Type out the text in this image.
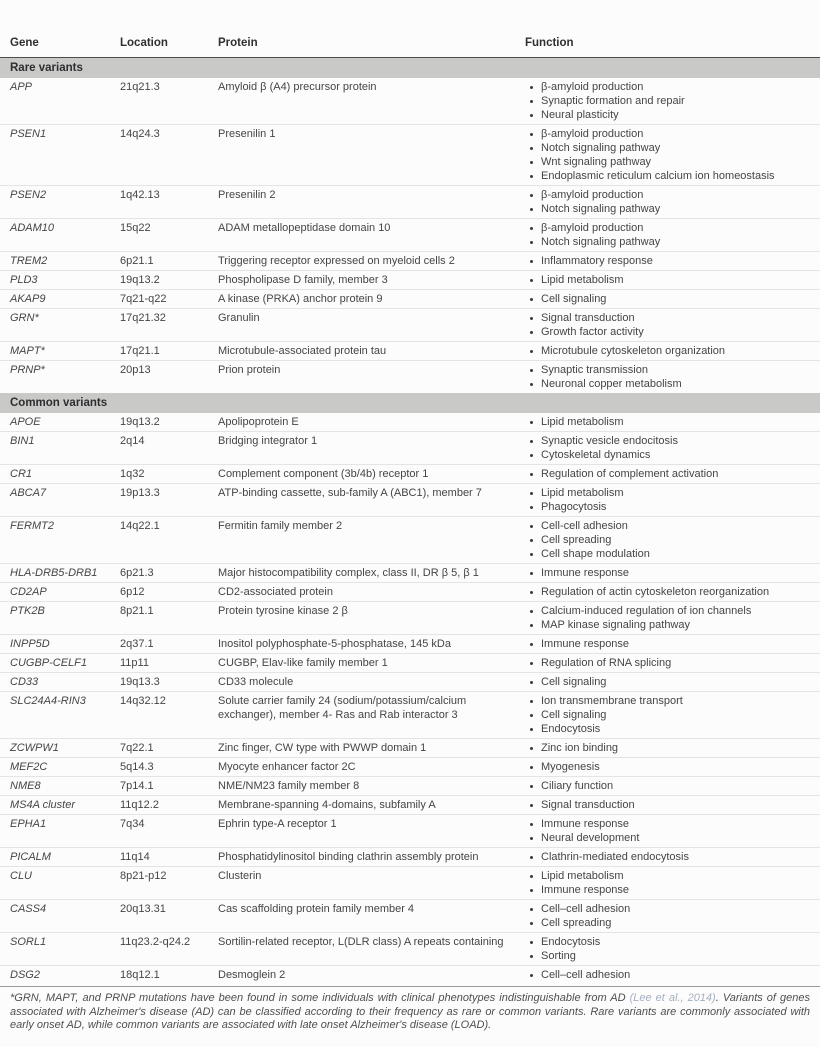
Gene	Location	Protein	Function
Rare variants
APP	21q21.3	Amyloid β (A4) precursor protein	β-amyloid production
Synaptic formation and repair
Neural plasticity
PSEN1	14q24.3	Presenilin 1	β-amyloid production
Notch signaling pathway
Wnt signaling pathway
Endoplasmic reticulum calcium ion homeostasis
PSEN2	1q42.13	Presenilin 2	β-amyloid production
Notch signaling pathway
ADAM10	15q22	ADAM metallopeptidase domain 10	β-amyloid production
Notch signaling pathway
TREM2	6p21.1	Triggering receptor expressed on myeloid cells 2	Inflammatory response
PLD3	19q13.2	Phospholipase D family, member 3	Lipid metabolism
AKAP9	7q21-q22	A kinase (PRKA) anchor protein 9	Cell signaling
GRN*	17q21.32	Granulin	Signal transduction
Growth factor activity
MAPT*	17q21.1	Microtubule-associated protein tau	Microtubule cytoskeleton organization
PRNP*	20p13	Prion protein	Synaptic transmission
Neuronal copper metabolism
Common variants
APOE	19q13.2	Apolipoprotein E	Lipid metabolism
BIN1	2q14	Bridging integrator 1	Synaptic vesicle endocitosis
Cytoskeletal dynamics
CR1	1q32	Complement component (3b/4b) receptor 1	Regulation of complement activation
ABCA7	19p13.3	ATP-binding cassette, sub-family A (ABC1), member 7	Lipid metabolism
Phagocytosis
FERMT2	14q22.1	Fermitin family member 2	Cell-cell adhesion
Cell spreading
Cell shape modulation
HLA-DRB5-DRB1	6p21.3	Major histocompatibility complex, class II, DR β 5, β 1	Immune response
CD2AP	6p12	CD2-associated protein	Regulation of actin cytoskeleton reorganization
PTK2B	8p21.1	Protein tyrosine kinase 2 β	Calcium-induced regulation of ion channels
MAP kinase signaling pathway
INPP5D	2q37.1	Inositol polyphosphate-5-phosphatase, 145 kDa	Immune response
CUGBP-CELF1	11p11	CUGBP, Elav-like family member 1	Regulation of RNA splicing
CD33	19q13.3	CD33 molecule	Cell signaling
SLC24A4-RIN3	14q32.12	Solute carrier family 24 (sodium/potassium/calcium exchanger), member 4- Ras and Rab interactor 3
Ion transmembrane transport
Cell signaling
Endocytosis
ZCWPW1	7q22.1	Zinc finger, CW type with PWWP domain 1	Zinc ion binding
MEF2C	5q14.3	Myocyte enhancer factor 2C	Myogenesis
NME8	7p14.1	NME/NM23 family member 8	Ciliary function
MS4A cluster	11q12.2	Membrane-spanning 4-domains, subfamily A	Signal transduction
EPHA1	7q34	Ephrin type-A receptor 1	Immune response
Neural development
PICALM	11q14	Phosphatidylinositol binding clathrin assembly protein	Clathrin-mediated endocytosis
CLU	8p21-p12	Clusterin	Lipid metabolism
Immune response
CASS4	20q13.31	Cas scaffolding protein family member 4	Cell–cell adhesion
Cell spreading
SORL1	11q23.2-q24.2	Sortilin-related receptor, L(DLR class) A repeats containing	Endocytosis
Sorting
DSG2	18q12.1	Desmoglein 2	Cell–cell adhesion
*GRN, MAPT, and PRNP mutations have been found in some individuals with clinical phenotypes indistinguishable from AD (Lee et al., 2014). Variants of genes associated with Alzheimer's disease (AD) can be classified according to their frequency as rare or common variants. Rare variants are commonly associated with early onset AD, while common variants are associated with late onset Alzheimer's disease (LOAD).
